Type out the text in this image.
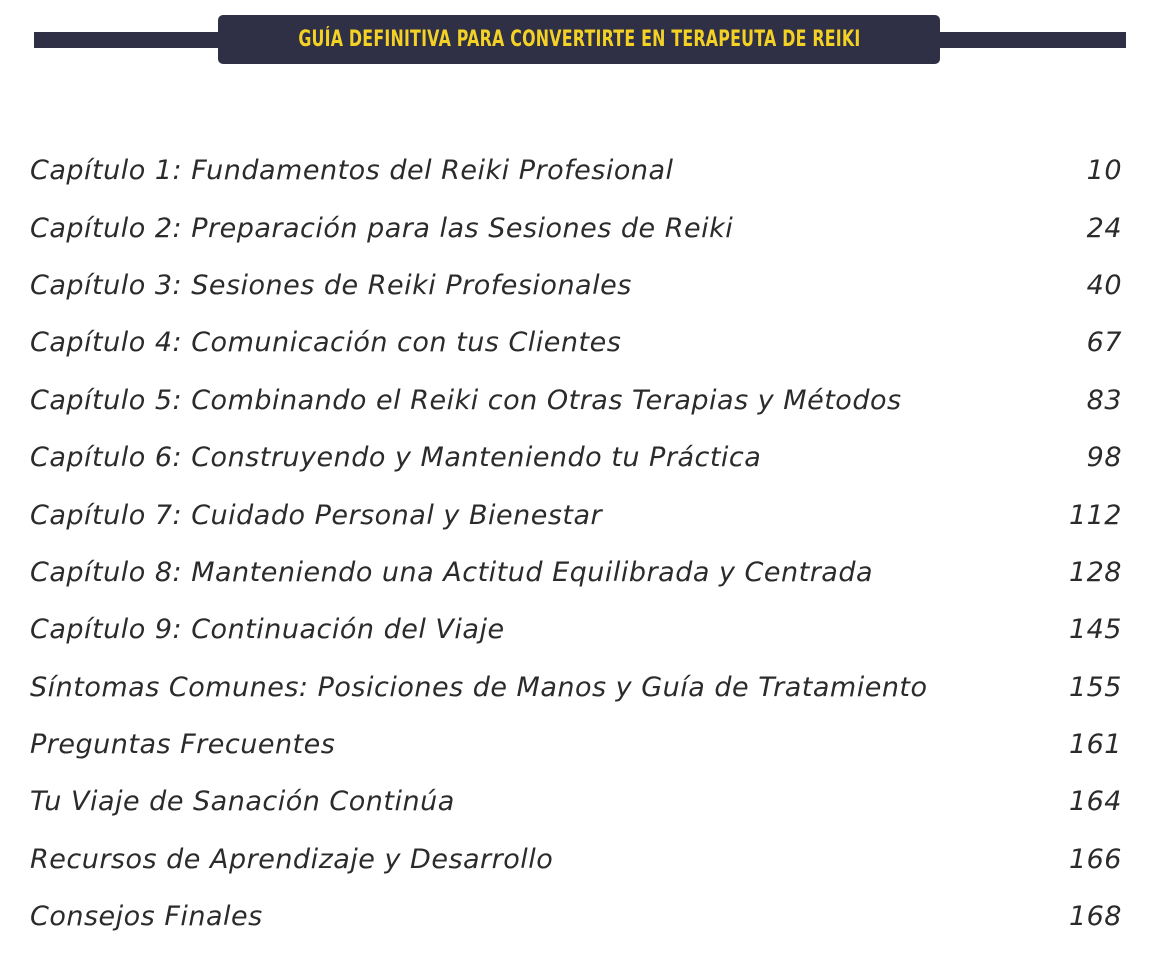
GUÍA DEFINITIVA PARA CONVERTIRTE EN TERAPEUTA DE REIKI
Capítulo 1: Fundamentos del Reiki Profesional	10
Capítulo 2: Preparación para las Sesiones de Reiki	24
Capítulo 3: Sesiones de Reiki Profesionales	40
Capítulo 4: Comunicación con tus Clientes	67
Capítulo 5: Combinando el Reiki con Otras Terapias y Métodos	83
Capítulo 6: Construyendo y Manteniendo tu Práctica	98
Capítulo 7: Cuidado Personal y Bienestar	112
Capítulo 8: Manteniendo una Actitud Equilibrada y Centrada	128
Capítulo 9: Continuación del Viaje	145
Síntomas Comunes: Posiciones de Manos y Guía de Tratamiento	155
Preguntas Frecuentes	161
Tu Viaje de Sanación Continúa	164
Recursos de Aprendizaje y Desarrollo	166
Consejos Finales	168
